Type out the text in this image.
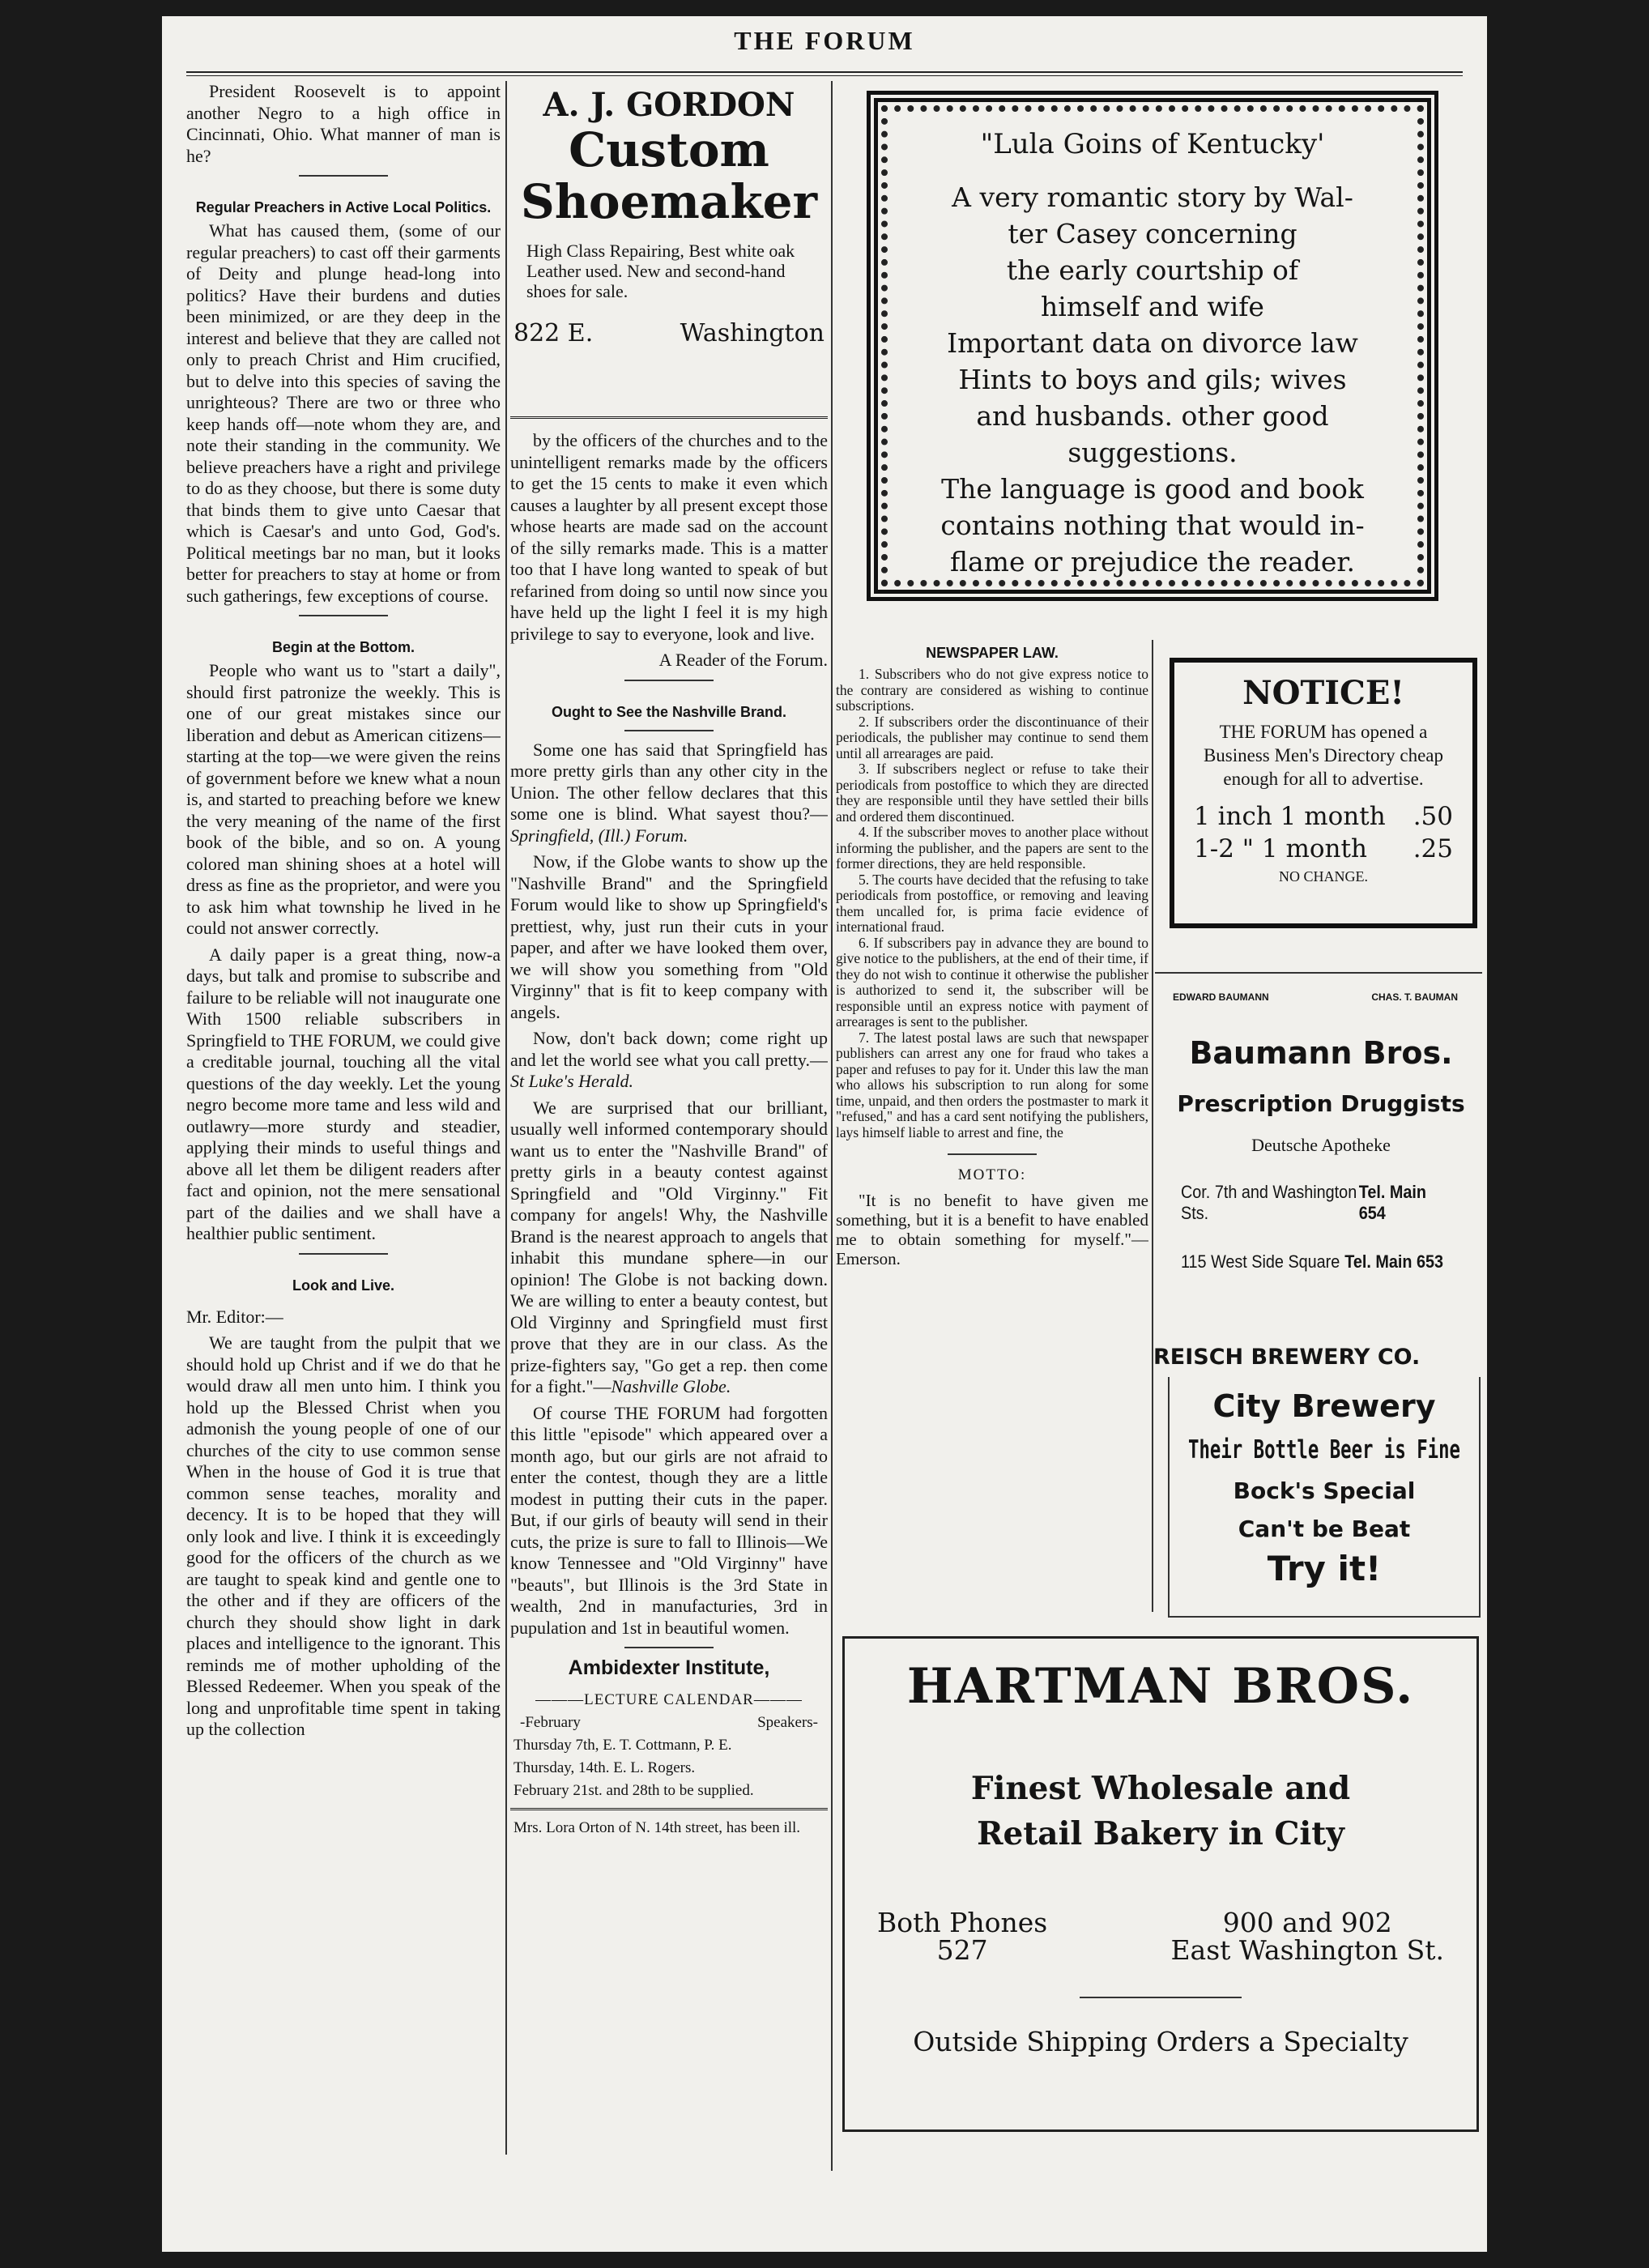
THE FORUM

President Roosevelt is to appoint another Negro to a high office in Cincinnati, Ohio. What manner of man is he?

Regular Preachers in Active Local Politics.

What has caused them, (some of our regular preachers) to cast off their garments of Deity and plunge head-long into politics? Have their burdens and duties been minimized, or are they deep in the interest and believe that they are called not only to preach Christ and Him crucified, but to delve into this species of saving the unrighteous? There are two or three who keep hands off—note whom they are, and note their standing in the community. We believe preachers have a right and privilege to do as they choose, but there is some duty that binds them to give unto Caesar that which is Caesar's and unto God, God's. Political meetings bar no man, but it looks better for preachers to stay at home or from such gatherings, few exceptions of course.

Begin at the Bottom.

People who want us to "start a daily", should first patronize the weekly. This is one of our great mistakes since our liberation and debut as American citizens—starting at the top—we were given the reins of government before we knew what a noun is, and started to preaching before we knew the very meaning of the name of the first book of the bible, and so on. A young colored man shining shoes at a hotel will dress as fine as the proprietor, and were you to ask him what township he lived in he could not answer correctly.

A daily paper is a great thing, now-a days, but talk and promise to subscribe and failure to be reliable will not inaugurate one With 1500 reliable subscribers in Springfield to THE FORUM, we could give a creditable journal, touching all the vital questions of the day weekly. Let the young negro become more tame and less wild and outlawry—more sturdy and steadier, applying their minds to useful things and above all let them be diligent readers after fact and opinion, not the mere sensational part of the dailies and we shall have a healthier public sentiment.

Look and Live.

Mr. Editor:—

We are taught from the pulpit that we should hold up Christ and if we do that he would draw all men unto him. I think you hold up the Blessed Christ when you admonish the young people of one of our churches of the city to use common sense When in the house of God it is true that common sense teaches, morality and decency. It is to be hoped that they will only look and live. I think it is exceedingly good for the officers of the church as we are taught to speak kind and gentle one to the other and if they are officers of the church they should show light in dark places and intelligence to the ignorant. This reminds me of mother upholding of the Blessed Redeemer. When you speak of the long and unprofitable time spent in taking up the collection

A. J. GORDON
Custom
Shoemaker
High Class Repairing, Best white oak Leather used. New and second-hand shoes for sale.
822 E.	Washington

by the officers of the churches and to the unintelligent remarks made by the officers to get the 15 cents to make it even which causes a laughter by all present except those whose hearts are made sad on the account of the silly remarks made. This is a matter too that I have long wanted to speak of but refarined from doing so until now since you have held up the light I feel it is my high privilege to say to everyone, look and live.

A Reader of the Forum.

Ought to See the Nashville Brand.

Some one has said that Springfield has more pretty girls than any other city in the Union. The other fellow declares that this some one is blind. What sayest thou?—Springfield, (Ill.) Forum.

Now, if the Globe wants to show up the "Nashville Brand" and the Springfield Forum would like to show up Springfield's prettiest, why, just run their cuts in your paper, and after we have looked them over, we will show you something from "Old Virginny" that is fit to keep company with angels.

Now, don't back down; come right up and let the world see what you call pretty.—St Luke's Herald.

We are surprised that our brilliant, usually well informed contemporary should want us to enter the "Nashville Brand" of pretty girls in a beauty contest against Springfield and "Old Virginny." Fit company for angels! Why, the Nashville Brand is the nearest approach to angels that inhabit this mundane sphere—in our opinion! The Globe is not backing down. We are willing to enter a beauty contest, but Old Virginny and Springfield must first prove that they are in our class. As the prize-fighters say, "Go get a rep. then come for a fight."—Nashville Globe.

Of course THE FORUM had forgotten this little "episode" which appeared over a month ago, but our girls are not afraid to enter the contest, though they are a little modest in putting their cuts in the paper. But, if our girls of beauty will send in their cuts, the prize is sure to fall to Illinois—We know Tennessee and "Old Virginny" have "beauts", but Illinois is the 3rd State in wealth, 2nd in manufacturies, 3rd in pupulation and 1st in beautiful women.

Ambidexter Institute,
———LECTURE CALENDAR———
-February	Speakers-
Thursday 7th, E. T. Cottmann, P. E.
Thursday, 14th. E. L. Rogers.
February 21st. and 28th to be supplied.
Mrs. Lora Orton of N. 14th street, has been ill.
"Lula Goins of Kentucky'
A very romantic story by Wal-
ter Casey concerning
the early courtship of
himself and wife
Important data on divorce law
Hints to boys and gils; wives
and husbands. other good
suggestions.
The language is good and book
contains nothing that would in-
flame or prejudice the reader.
NEWSPAPER LAW.

1. Subscribers who do not give express notice to the contrary are considered as wishing to continue subscriptions.

2. If subscribers order the discontinuance of their periodicals, the publisher may continue to send them until all arrearages are paid.

3. If subscribers neglect or refuse to take their periodicals from postoffice to which they are directed they are responsible until they have settled their bills and ordered them discontinued.

4. If the subscriber moves to another place without informing the publisher, and the papers are sent to the former directions, they are held responsible.

5. The courts have decided that the refusing to take periodicals from postoffice, or removing and leaving them uncalled for, is prima facie evidence of international fraud.

6. If subscribers pay in advance they are bound to give notice to the publishers, at the end of their time, if they do not wish to continue it otherwise the publisher is authorized to send it, the subscriber will be responsible until an express notice with payment of arrearages is sent to the publisher.

7. The latest postal laws are such that newspaper publishers can arrest any one for fraud who takes a paper and refuses to pay for it. Under this law the man who allows his subscription to run along for some time, unpaid, and then orders the postmaster to mark it "refused," and has a card sent notifying the publishers, lays himself liable to arrest and fine, the

MOTTO:

"It is no benefit to have given me something, but it is a benefit to have enabled me to obtain something for myself."—Emerson.

NOTICE!
THE FORUM has opened a Business Men's Directory cheap enough for all to advertise.
1 inch 1 month .50
1-2 " 1 month .25
NO CHANGE.
EDWARD BAUMANN	CHAS. T. BAUMAN
Baumann Bros.
Prescription Druggists
Deutsche Apotheke
Cor. 7th and Washington Sts.
Tel. Main 654
115 West Side Square Tel. Main 653
REISCH BREWERY CO.
City Brewery
Their Bottle Beer is Fine
Bock's Special
Can't be Beat
Try it!
HARTMAN BROS.
Finest Wholesale and
Retail Bakery in City
Both Phones
527
900 and 902
East Washington St.
Outside Shipping Orders a Specialty
